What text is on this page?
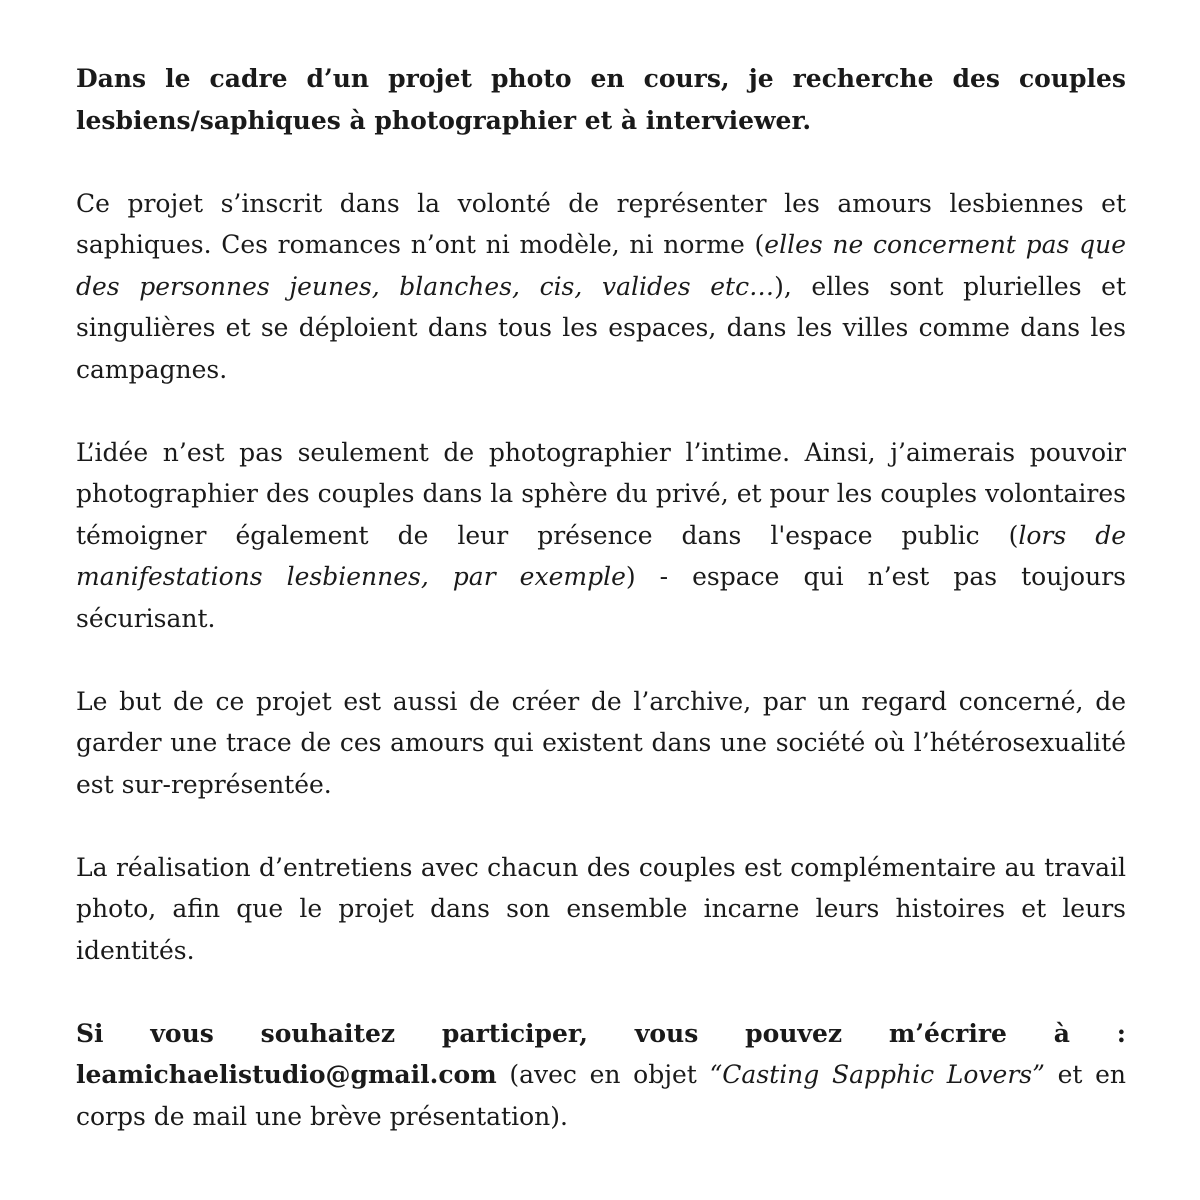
Dans le cadre d’un projet photo en cours, je recherche des couples lesbiens/saphiques à photographier et à interviewer.

Ce projet s’inscrit dans la volonté de représenter les amours lesbiennes et saphiques. Ces romances n’ont ni modèle, ni norme (elles ne concernent pas que des personnes jeunes, blanches, cis, valides etc…), elles sont plurielles et singulières et se déploient dans tous les espaces, dans les villes comme dans les campagnes.

L’idée n’est pas seulement de photographier l’intime. Ainsi, j’aimerais pouvoir photographier des couples dans la sphère du privé, et pour les couples volontaires témoigner également de leur présence dans l'espace public (lors de manifestations lesbiennes, par exemple) - espace qui n’est pas toujours sécurisant.

Le but de ce projet est aussi de créer de l’archive, par un regard concerné, de garder une trace de ces amours qui existent dans une société où l’hétérosexualité est sur-représentée.

La réalisation d’entretiens avec chacun des couples est complémentaire au travail photo, afin que le projet dans son ensemble incarne leurs histoires et leurs identités.

Si vous souhaitez participer, vous pouvez m’écrire à : leamichaelistudio@gmail.com (avec en objet “Casting Sapphic Lovers” et en corps de mail une brève présentation).
